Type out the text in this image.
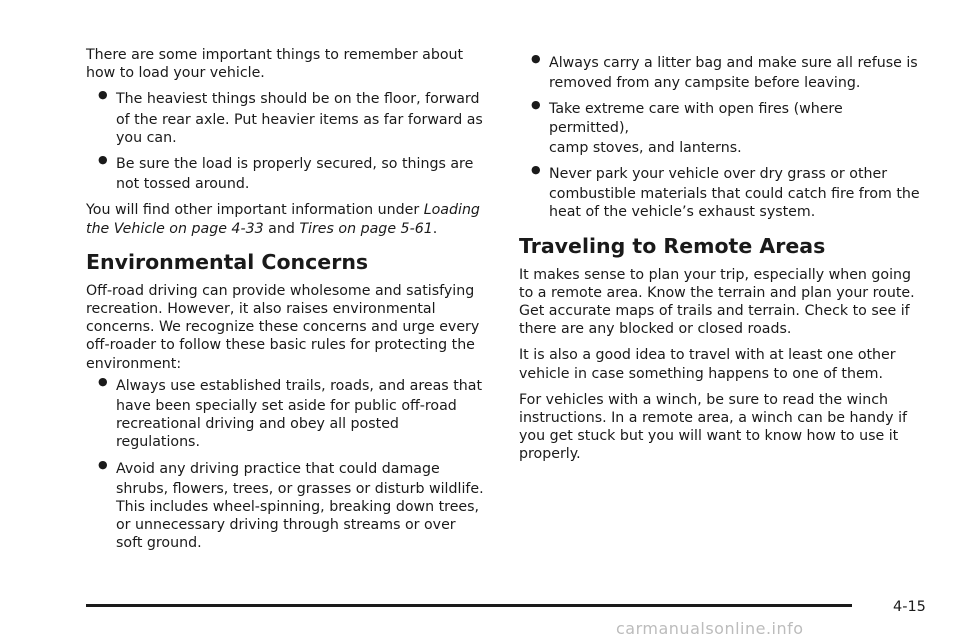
There are some important things to remember about how to load your vehicle.

● The heaviest things should be on the floor, forward
of the rear axle. Put heavier items as far forward as you can.
● Be sure the load is properly secured, so things are
not tossed around.

You will find other important information under Loading the Vehicle on page 4-33 and Tires on page 5-61.

Environmental Concerns

Off-road driving can provide wholesome and satisfying recreation. However, it also raises environmental concerns. We recognize these concerns and urge every off-roader to follow these basic rules for protecting the environment:

● Always use established trails, roads, and areas that
have been specially set aside for public off-road recreational driving and obey all posted regulations.
● Avoid any driving practice that could damage
shrubs, flowers, trees, or grasses or disturb wildlife. This includes wheel-spinning, breaking down trees, or unnecessary driving through streams or over soft ground.
● Always carry a litter bag and make sure all refuse is
removed from any campsite before leaving.
● Take extreme care with open fires (where permitted),
camp stoves, and lanterns.
● Never park your vehicle over dry grass or other
combustible materials that could catch fire from the heat of the vehicle’s exhaust system.
Traveling to Remote Areas

It makes sense to plan your trip, especially when going to a remote area. Know the terrain and plan your route. Get accurate maps of trails and terrain. Check to see if there are any blocked or closed roads.

It is also a good idea to travel with at least one other vehicle in case something happens to one of them.

For vehicles with a winch, be sure to read the winch instructions. In a remote area, a winch can be handy if you get stuck but you will want to know how to use it properly.

4-15
carmanualsonline.info
